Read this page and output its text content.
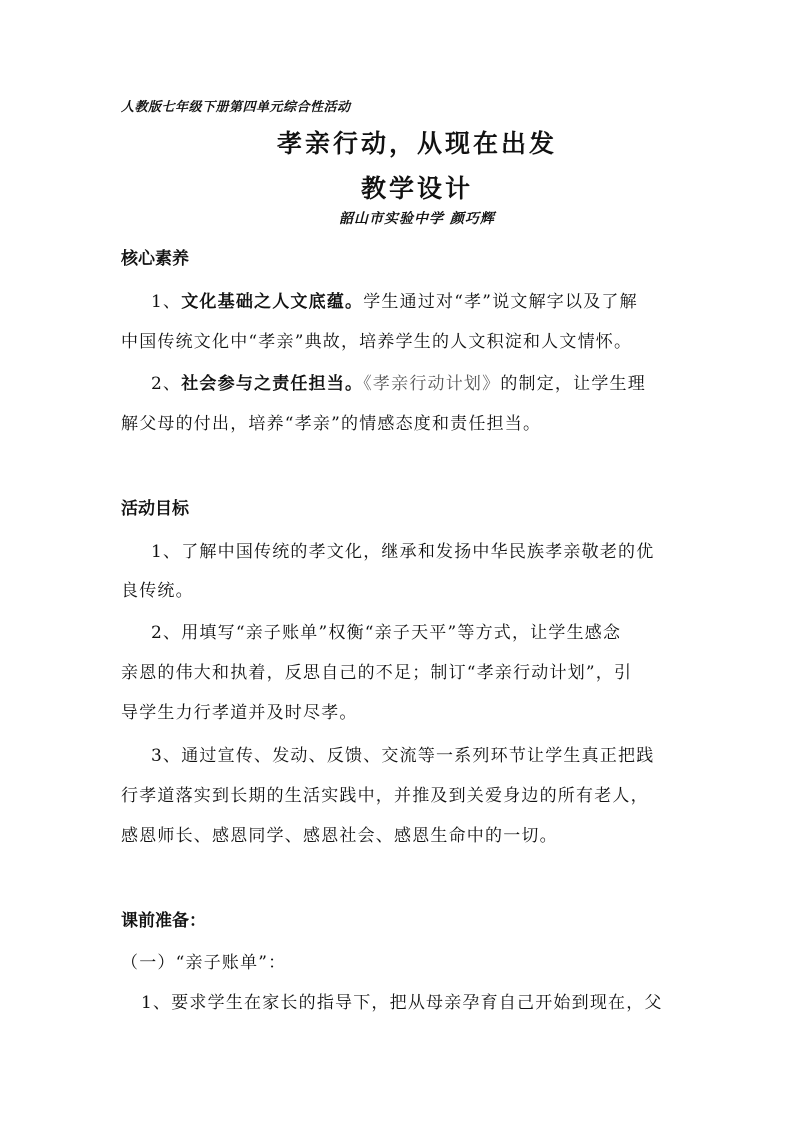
人教版七年级下册第四单元综合性活动
孝亲行动，从现在出发
教学设计
韶山市实验中学 颜巧辉
核心素养
1、文化基础之人文底蕴。学生通过对“孝”说文解字以及了解
中国传统文化中“孝亲”典故，培养学生的人文积淀和人文情怀。
2、社会参与之责任担当。《孝亲行动计划》的制定，让学生理
解父母的付出，培养“孝亲”的情感态度和责任担当。
活动目标
1、了解中国传统的孝文化，继承和发扬中华民族孝亲敬老的优
良传统。
2、用填写“亲子账单”权衡“亲子天平”等方式，让学生感念
亲恩的伟大和执着，反思自己的不足；制订“孝亲行动计划”，引
导学生力行孝道并及时尽孝。
3、通过宣传、发动、反馈、交流等一系列环节让学生真正把践
行孝道落实到长期的生活实践中，并推及到关爱身边的所有老人，
感恩师长、感恩同学、感恩社会、感恩生命中的一切。
课前准备：
（一）“亲子账单”：
1、要求学生在家长的指导下，把从母亲孕育自己开始到现在，父
